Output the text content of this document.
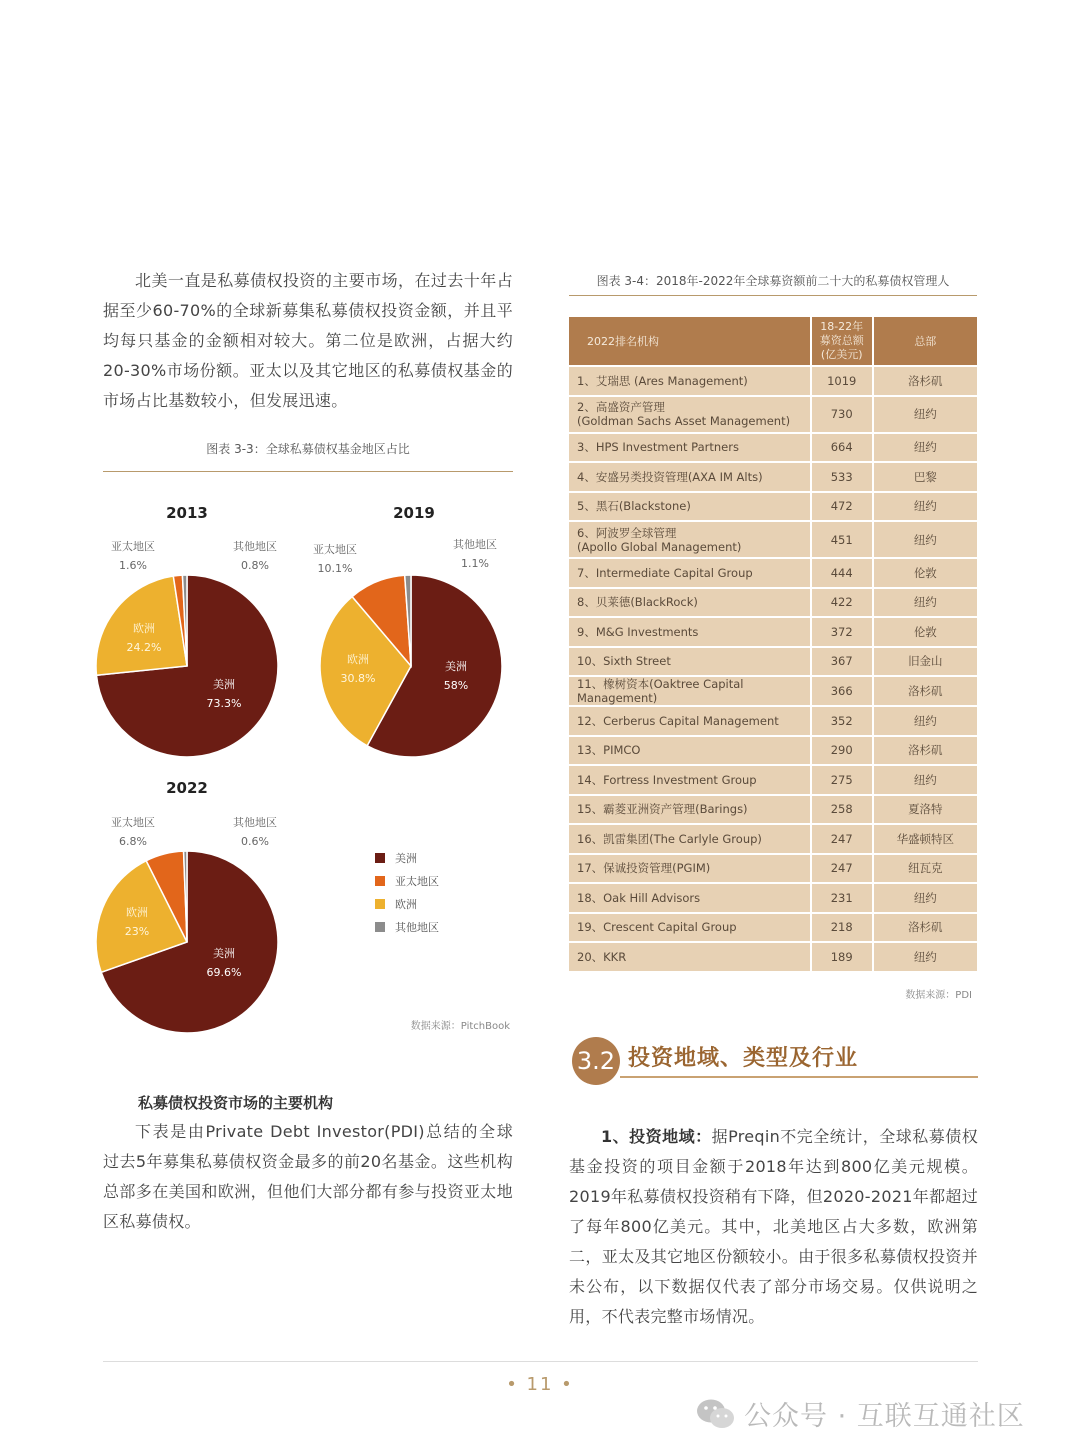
北美一直是私募债权投资的主要市场，在过去十年占据至少60-70%的全球新募集私募债权投资金额，并且平均每只基金的金额相对较大。第二位是欧洲，占据大约20-30%市场份额。亚太以及其它地区的私募债权基金的市场占比基数较小，但发展迅速。

图表 3-3：全球私募债权基金地区占比
2013
亚太地区
1.6%
其他地区
0.8%
欧洲
24.2%
美洲
73.3%
2019
亚太地区
10.1%
其他地区
1.1%
欧洲
30.8%
美洲
58%
2022
亚太地区
6.8%
其他地区
0.6%
欧洲
23%
美洲
69.6%
美洲
亚太地区
欧洲
其他地区
数据来源：PitchBook
私募债权投资市场的主要机构

下表是由Private Debt Investor(PDI)总结的全球过去5年募集私募债权资金最多的前20名基金。这些机构总部多在美国和欧洲，但他们大部分都有参与投资亚太地区私募债权。

图表 3-4：2018年-2022年全球募资额前二十大的私募债权管理人
2022排名机构	18-22年
募资总额
(亿美元)	总部

1、艾瑞思 (Ares Management)	1019	洛杉矶

2、高盛资产管理
(Goldman Sachs Asset Management)	730	纽约

3、HPS Investment Partners	664	纽约

4、安盛另类投资管理(AXA IM Alts)	533	巴黎

5、黑石(Blackstone)	472	纽约

6、阿波罗全球管理
(Apollo Global Management)	451	纽约

7、Intermediate Capital Group	444	伦敦

8、贝莱德(BlackRock)	422	纽约

9、M&G Investments	372	伦敦

10、Sixth Street	367	旧金山

11、橡树资本(Oaktree Capital Management)	366	洛杉矶

12、Cerberus Capital Management	352	纽约

13、PIMCO	290	洛杉矶

14、Fortress Investment Group	275	纽约

15、霸菱亚洲资产管理(Barings)	258	夏洛特

16、凯雷集团(The Carlyle Group)	247	华盛顿特区

17、保诚投资管理(PGIM)	247	纽瓦克

18、Oak Hill Advisors	231	纽约

19、Crescent Capital Group	218	洛杉矶

20、KKR	189	纽约
数据来源：PDI
3.2 投资地域、类型及行业

1、投资地域：据Preqin不完全统计，全球私募债权基金投资的项目金额于2018年达到800亿美元规模。2019年私募债权投资稍有下降，但2020-2021年都超过了每年800亿美元。其中，北美地区占大多数，欧洲第二，亚太及其它地区份额较小。由于很多私募债权投资并未公布，以下数据仅代表了部分市场交易。仅供说明之用，不代表完整市场情况。

• 11 •
公众号 · 互联互通社区
